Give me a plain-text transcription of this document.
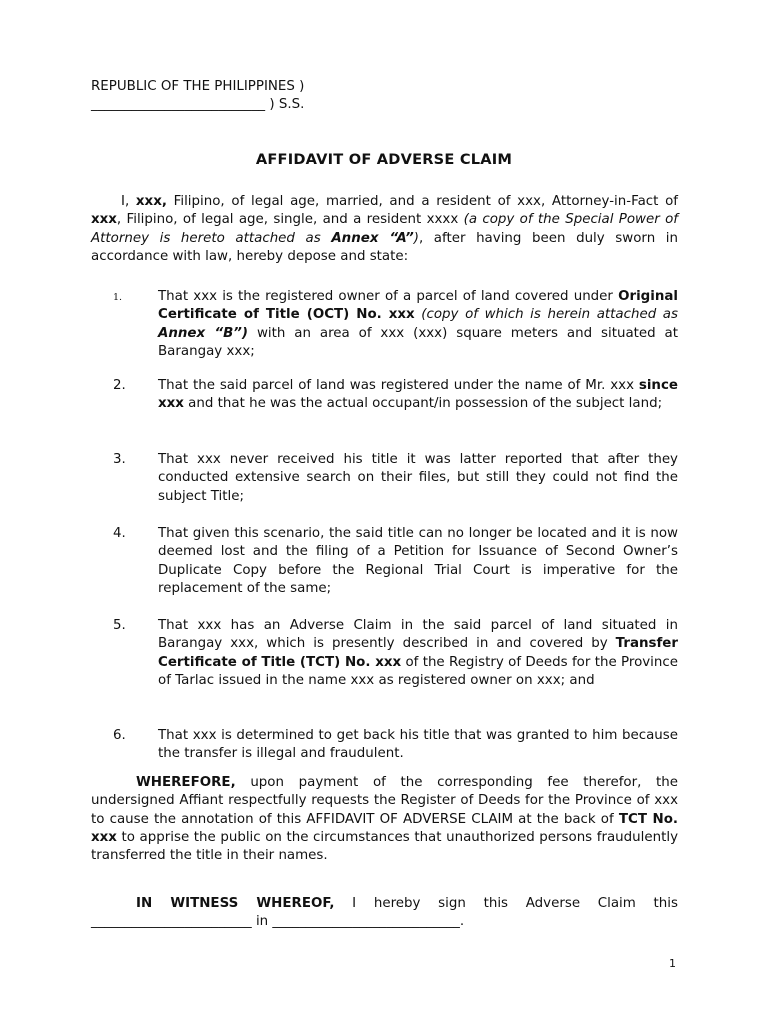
REPUBLIC OF THE PHILIPPINES )
__________________________ ) S.S.
AFFIDAVIT OF ADVERSE CLAIM
I, xxx, Filipino, of legal age, married, and a resident of xxx, Attorney-in-Fact of xxx, Filipino, of legal age, single, and a resident xxxx (a copy of the Special Power of Attorney is hereto attached as Annex “A”), after having been duly sworn in accordance with law, hereby depose and state:
1.	That xxx is the registered owner of a parcel of land covered under Original Certificate of Title (OCT) No. xxx (copy of which is herein attached as Annex “B”) with an area of xxx (xxx) square meters and situated at Barangay xxx;
2. That the said parcel of land was registered under the name of Mr. xxx since xxx and that he was the actual occupant/in possession of the subject land;
3. That xxx never received his title it was latter reported that after they conducted extensive search on their files, but still they could not find the subject Title;
4. That given this scenario, the said title can no longer be located and it is now deemed lost and the filing of a Petition for Issuance of Second Owner’s Duplicate Copy before the Regional Trial Court is imperative for the replacement of the same;
5. That xxx has an Adverse Claim in the said parcel of land situated in Barangay xxx, which is presently described in and covered by Transfer Certificate of Title (TCT) No. xxx of the Registry of Deeds for the Province of Tarlac issued in the name xxx as registered owner on xxx; and
6. That xxx is determined to get back his title that was granted to him because the transfer is illegal and fraudulent.
WHEREFORE, upon payment of the corresponding fee therefor, the undersigned Affiant respectfully requests the Register of Deeds for the Province of xxx to cause the annotation of this AFFIDAVIT OF ADVERSE CLAIM at the back of TCT No. xxx to apprise the public on the circumstances that unauthorized persons fraudulently transferred the title in their names.
IN WITNESS WHEREOF, I hereby sign this Adverse Claim this ________________________ in ____________________________.
1
